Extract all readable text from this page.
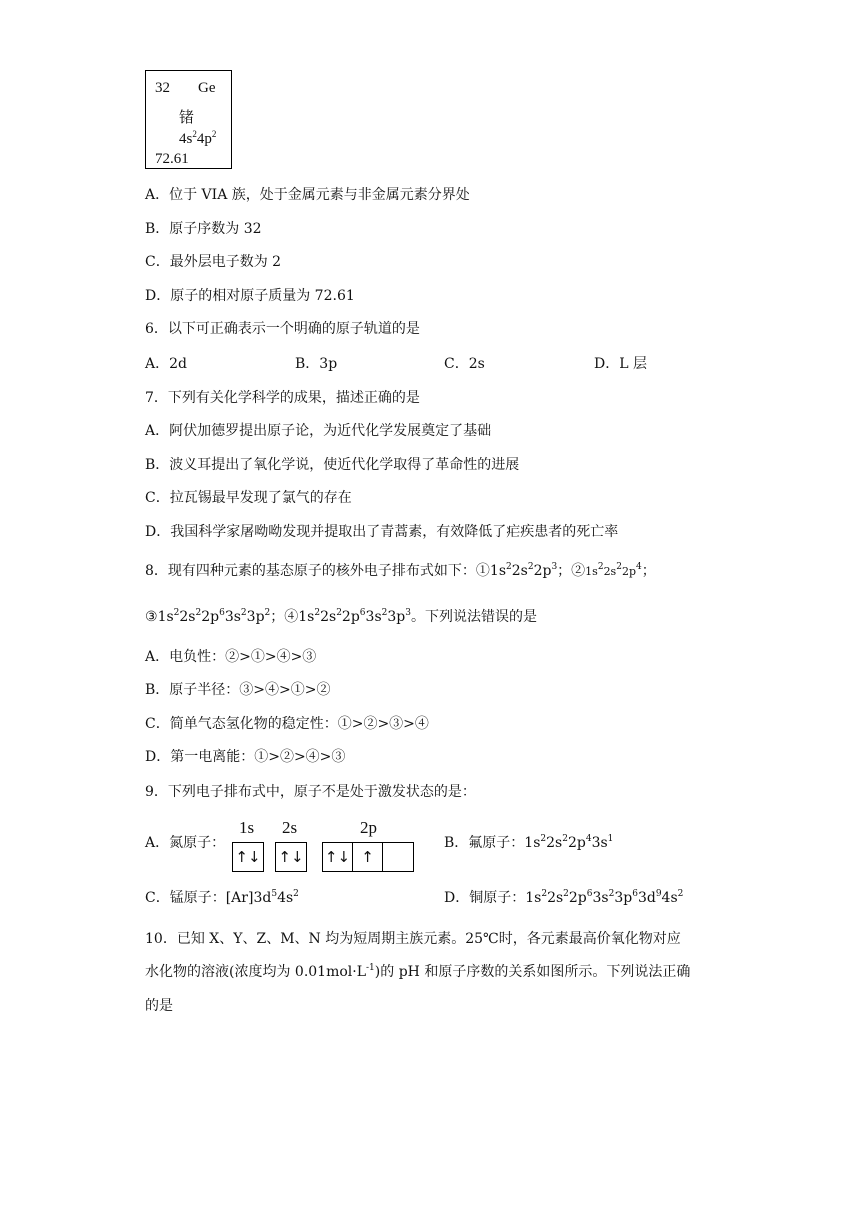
32 Ge
锗
$4s^24p^2$
72.61
A．位于 VIA 族，处于金属元素与非金属元素分界处
B．原子序数为 32
C．最外层电子数为 2
D．原子的相对原子质量为 72.61
6．以下可正确表示一个明确的原子轨道的是
A．2d	B．3p	C．2s	D．L 层
7．下列有关化学科学的成果，描述正确的是
A．阿伏加德罗提出原子论，为近代化学发展奠定了基础
B．波义耳提出了氧化学说，使近代化学取得了革命性的进展
C．拉瓦锡最早发现了氯气的存在
D．我国科学家屠呦呦发现并提取出了青蒿素，有效降低了疟疾患者的死亡率
8．现有四种元素的基态原子的核外电子排布式如下：$①1s^22s^22p^3$；$②1s^22s^22p^4$；
$③1s^22s^22p^63s^23p^2$；$④1s^22s^22p^63s^23p^3$。下列说法错误的是
A．电负性：②>①>④>③
B．原子半径：③>④>①>②
C．简单气态氢化物的稳定性：①>②>③>④
D．第一电离能：①>②>④>③
9．下列电子排布式中，原子不是处于激发状态的是：
A．氮原子：
1s 2s	2p
↑↓ ↑↓ ↑↓ ↑
B．氟原子：$1s^22s^22p^43s^1$
C．锰原子：$[Ar]3d^54s^2$	D．铜原子：$1s^22s^22p^63s^23p^63d^94s^2$
10．已知 X、Y、Z、M、N 均为短周期主族元素。25℃时，各元素最高价氧化物对应
水化物的溶液(浓度均为 $0.01mol\cdot L^{-1}$)的 pH 和原子序数的关系如图所示。下列说法正确
的是
